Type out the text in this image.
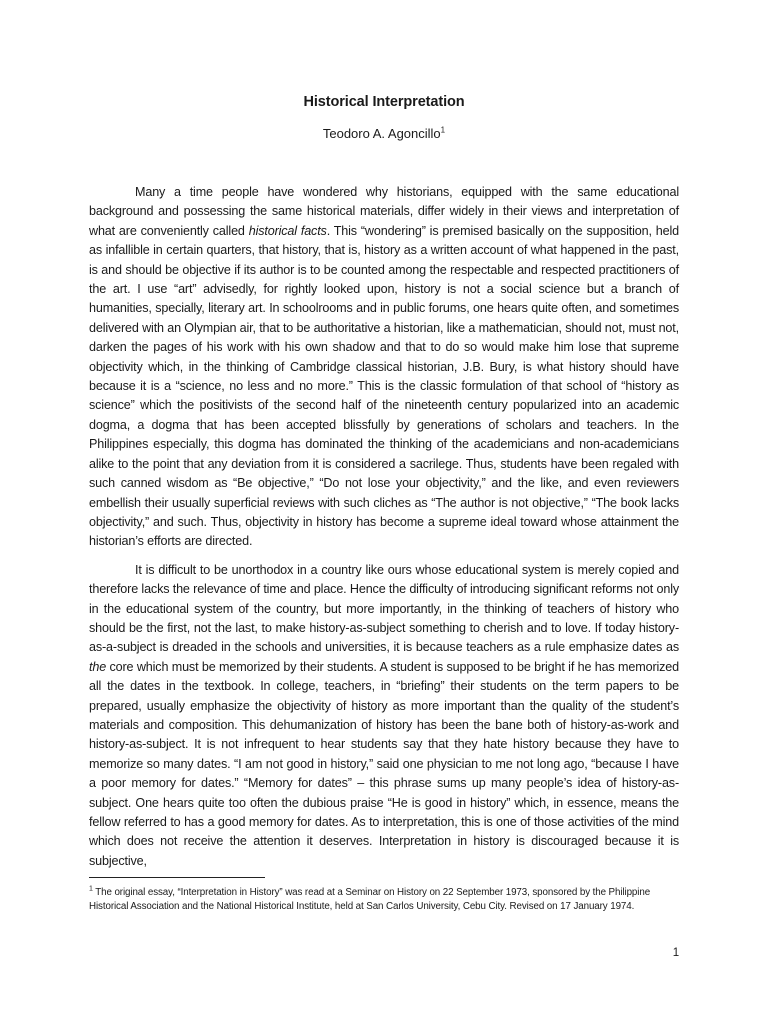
Historical Interpretation
Teodoro A. Agoncillo$^1$

Many a time people have wondered why historians, equipped with the same educational background and possessing the same historical materials, differ widely in their views and interpretation of what are conveniently called historical facts. This “wondering” is premised basically on the supposition, held as infallible in certain quarters, that history, that is, history as a written account of what happened in the past, is and should be objective if its author is to be counted among the respectable and respected practitioners of the art. I use “art” advisedly, for rightly looked upon, history is not a social science but a branch of humanities, specially, literary art. In schoolrooms and in public forums, one hears quite often, and sometimes delivered with an Olympian air, that to be authoritative a historian, like a mathematician, should not, must not, darken the pages of his work with his own shadow and that to do so would make him lose that supreme objectivity which, in the thinking of Cambridge classical historian, J.B. Bury, is what history should have because it is a “science, no less and no more.” This is the classic formulation of that school of “history as science” which the positivists of the second half of the nineteenth century popularized into an academic dogma, a dogma that has been accepted blissfully by generations of scholars and teachers. In the Philippines especially, this dogma has dominated the thinking of the academicians and non-academicians alike to the point that any deviation from it is considered a sacrilege. Thus, students have been regaled with such canned wisdom as “Be objective,” “Do not lose your objectivity,” and the like, and even reviewers embellish their usually superficial reviews with such cliches as “The author is not objective,” “The book lacks objectivity,” and such. Thus, objectivity in history has become a supreme ideal toward whose attainment the historian’s efforts are directed.

It is difficult to be unorthodox in a country like ours whose educational system is merely copied and therefore lacks the relevance of time and place. Hence the difficulty of introducing significant reforms not only in the educational system of the country, but more importantly, in the thinking of teachers of history who should be the first, not the last, to make history-as-subject something to cherish and to love. If today history-as-a-subject is dreaded in the schools and universities, it is because teachers as a rule emphasize dates as the core which must be memorized by their students. A student is supposed to be bright if he has memorized all the dates in the textbook. In college, teachers, in “briefing” their students on the term papers to be prepared, usually emphasize the objectivity of history as more important than the quality of the student’s materials and composition. This dehumanization of history has been the bane both of history-as-work and history-as-subject. It is not infrequent to hear students say that they hate history because they have to memorize so many dates. “I am not good in history,” said one physician to me not long ago, “because I have a poor memory for dates.” “Memory for dates” – this phrase sums up many people’s idea of history-as-subject. One hears quite too often the dubious praise “He is good in history” which, in essence, means the fellow referred to has a good memory for dates. As to interpretation, this is one of those activities of the mind which does not receive the attention it deserves. Interpretation in history is discouraged because it is subjective,

$^1$ The original essay, “Interpretation in History” was read at a Seminar on History on 22 September 1973, sponsored by the Philippine Historical Association and the National Historical Institute, held at San Carlos University, Cebu City. Revised on 17 January 1974.
1
